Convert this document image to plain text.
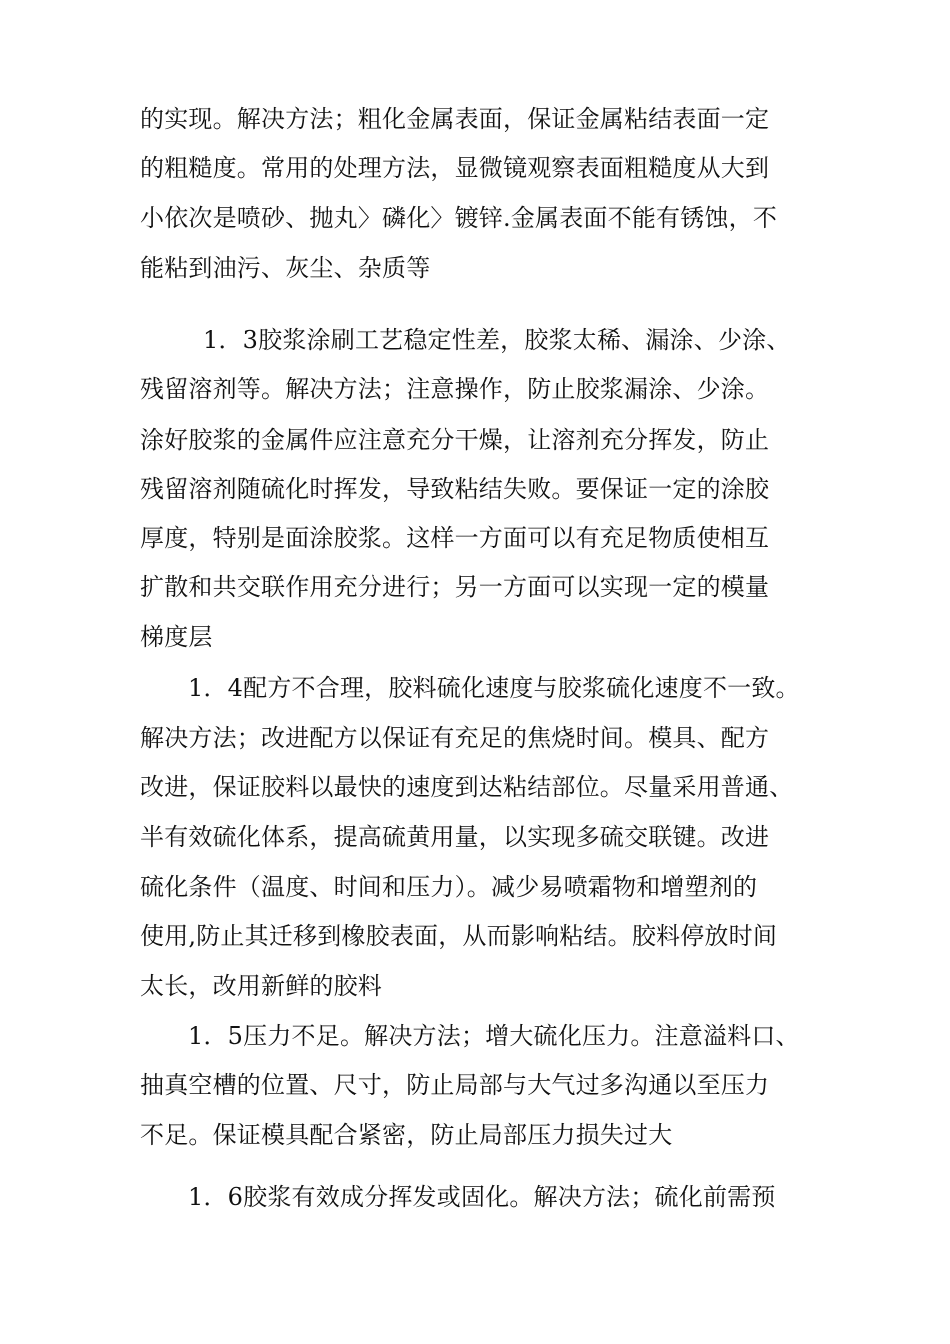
的实现。解决方法；粗化金属表面，保证金属粘结表面一定
的粗糙度。常用的处理方法，显微镜观察表面粗糙度从大到
小依次是喷砂、抛丸〉磷化〉镀锌.金属表面不能有锈蚀，不
能粘到油污、灰尘、杂质等
1．3胶浆涂刷工艺稳定性差，胶浆太稀、漏涂、少涂、
残留溶剂等。解决方法；注意操作，防止胶浆漏涂、少涂。
涂好胶浆的金属件应注意充分干燥，让溶剂充分挥发，防止
残留溶剂随硫化时挥发，导致粘结失败。要保证一定的涂胶
厚度，特别是面涂胶浆。这样一方面可以有充足物质使相互
扩散和共交联作用充分进行；另一方面可以实现一定的模量
梯度层
1．4配方不合理，胶料硫化速度与胶浆硫化速度不一致。
解决方法；改进配方以保证有充足的焦烧时间。模具、配方
改进，保证胶料以最快的速度到达粘结部位。尽量采用普通、
半有效硫化体系，提高硫黄用量，以实现多硫交联键。改进
硫化条件（温度、时间和压力）。减少易喷霜物和增塑剂的
使用,防止其迁移到橡胶表面，从而影响粘结。胶料停放时间
太长，改用新鲜的胶料
1．5压力不足。解决方法；增大硫化压力。注意溢料口、
抽真空槽的位置、尺寸，防止局部与大气过多沟通以至压力
不足。保证模具配合紧密，防止局部压力损失过大
1．6胶浆有效成分挥发或固化。解决方法；硫化前需预
